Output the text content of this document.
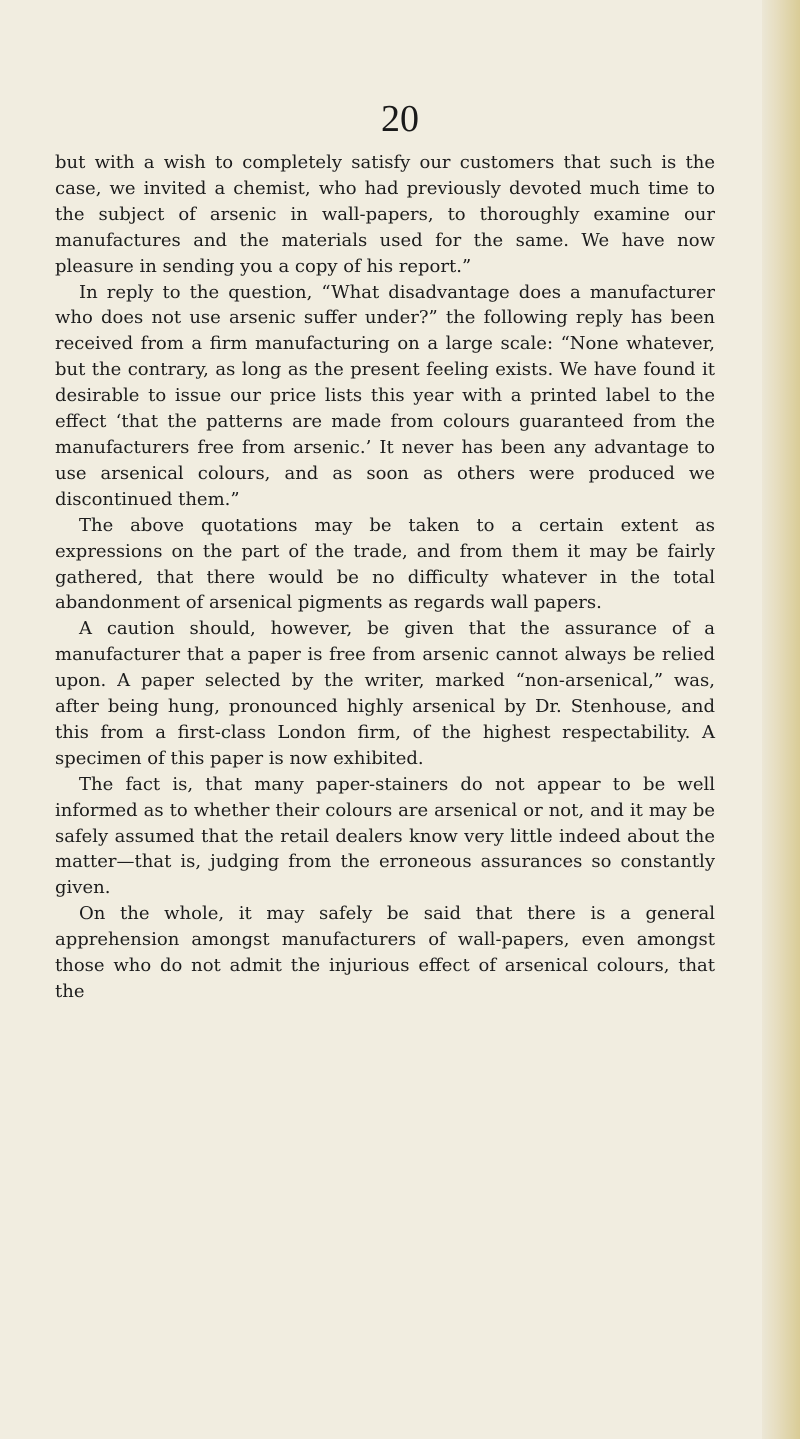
20

but with a wish to completely satisfy our customers that such is the case, we invited a chemist, who had previously devoted much time to the subject of arsenic in wall-papers, to thoroughly examine our manufactures and the materials used for the same. We have now pleasure in sending you a copy of his report.”

In reply to the question, “What disadvantage does a manufacturer who does not use arsenic suffer under?” the following reply has been received from a firm manufacturing on a large scale: “None whatever, but the contrary, as long as the present feeling exists. We have found it desirable to issue our price lists this year with a printed label to the effect ‘that the patterns are made from colours guaranteed from the manufacturers free from arsenic.’ It never has been any advantage to use arsenical colours, and as soon as others were produced we discontinued them.”

The above quotations may be taken to a certain extent as expressions on the part of the trade, and from them it may be fairly gathered, that there would be no difficulty whatever in the total abandonment of arsenical pigments as regards wall papers.

A caution should, however, be given that the assurance of a manufacturer that a paper is free from arsenic cannot always be relied upon. A paper selected by the writer, marked “non-arsenical,” was, after being hung, pronounced highly arsenical by Dr. Stenhouse, and this from a first-class London firm, of the highest respectability. A specimen of this paper is now exhibited.

The fact is, that many paper-stainers do not appear to be well informed as to whether their colours are arsenical or not, and it may be safely assumed that the retail dealers know very little indeed about the matter—that is, judging from the erroneous assurances so constantly given.

On the whole, it may safely be said that there is a general apprehension amongst manufacturers of wall-papers, even amongst those who do not admit the injurious effect of arsenical colours, that the
